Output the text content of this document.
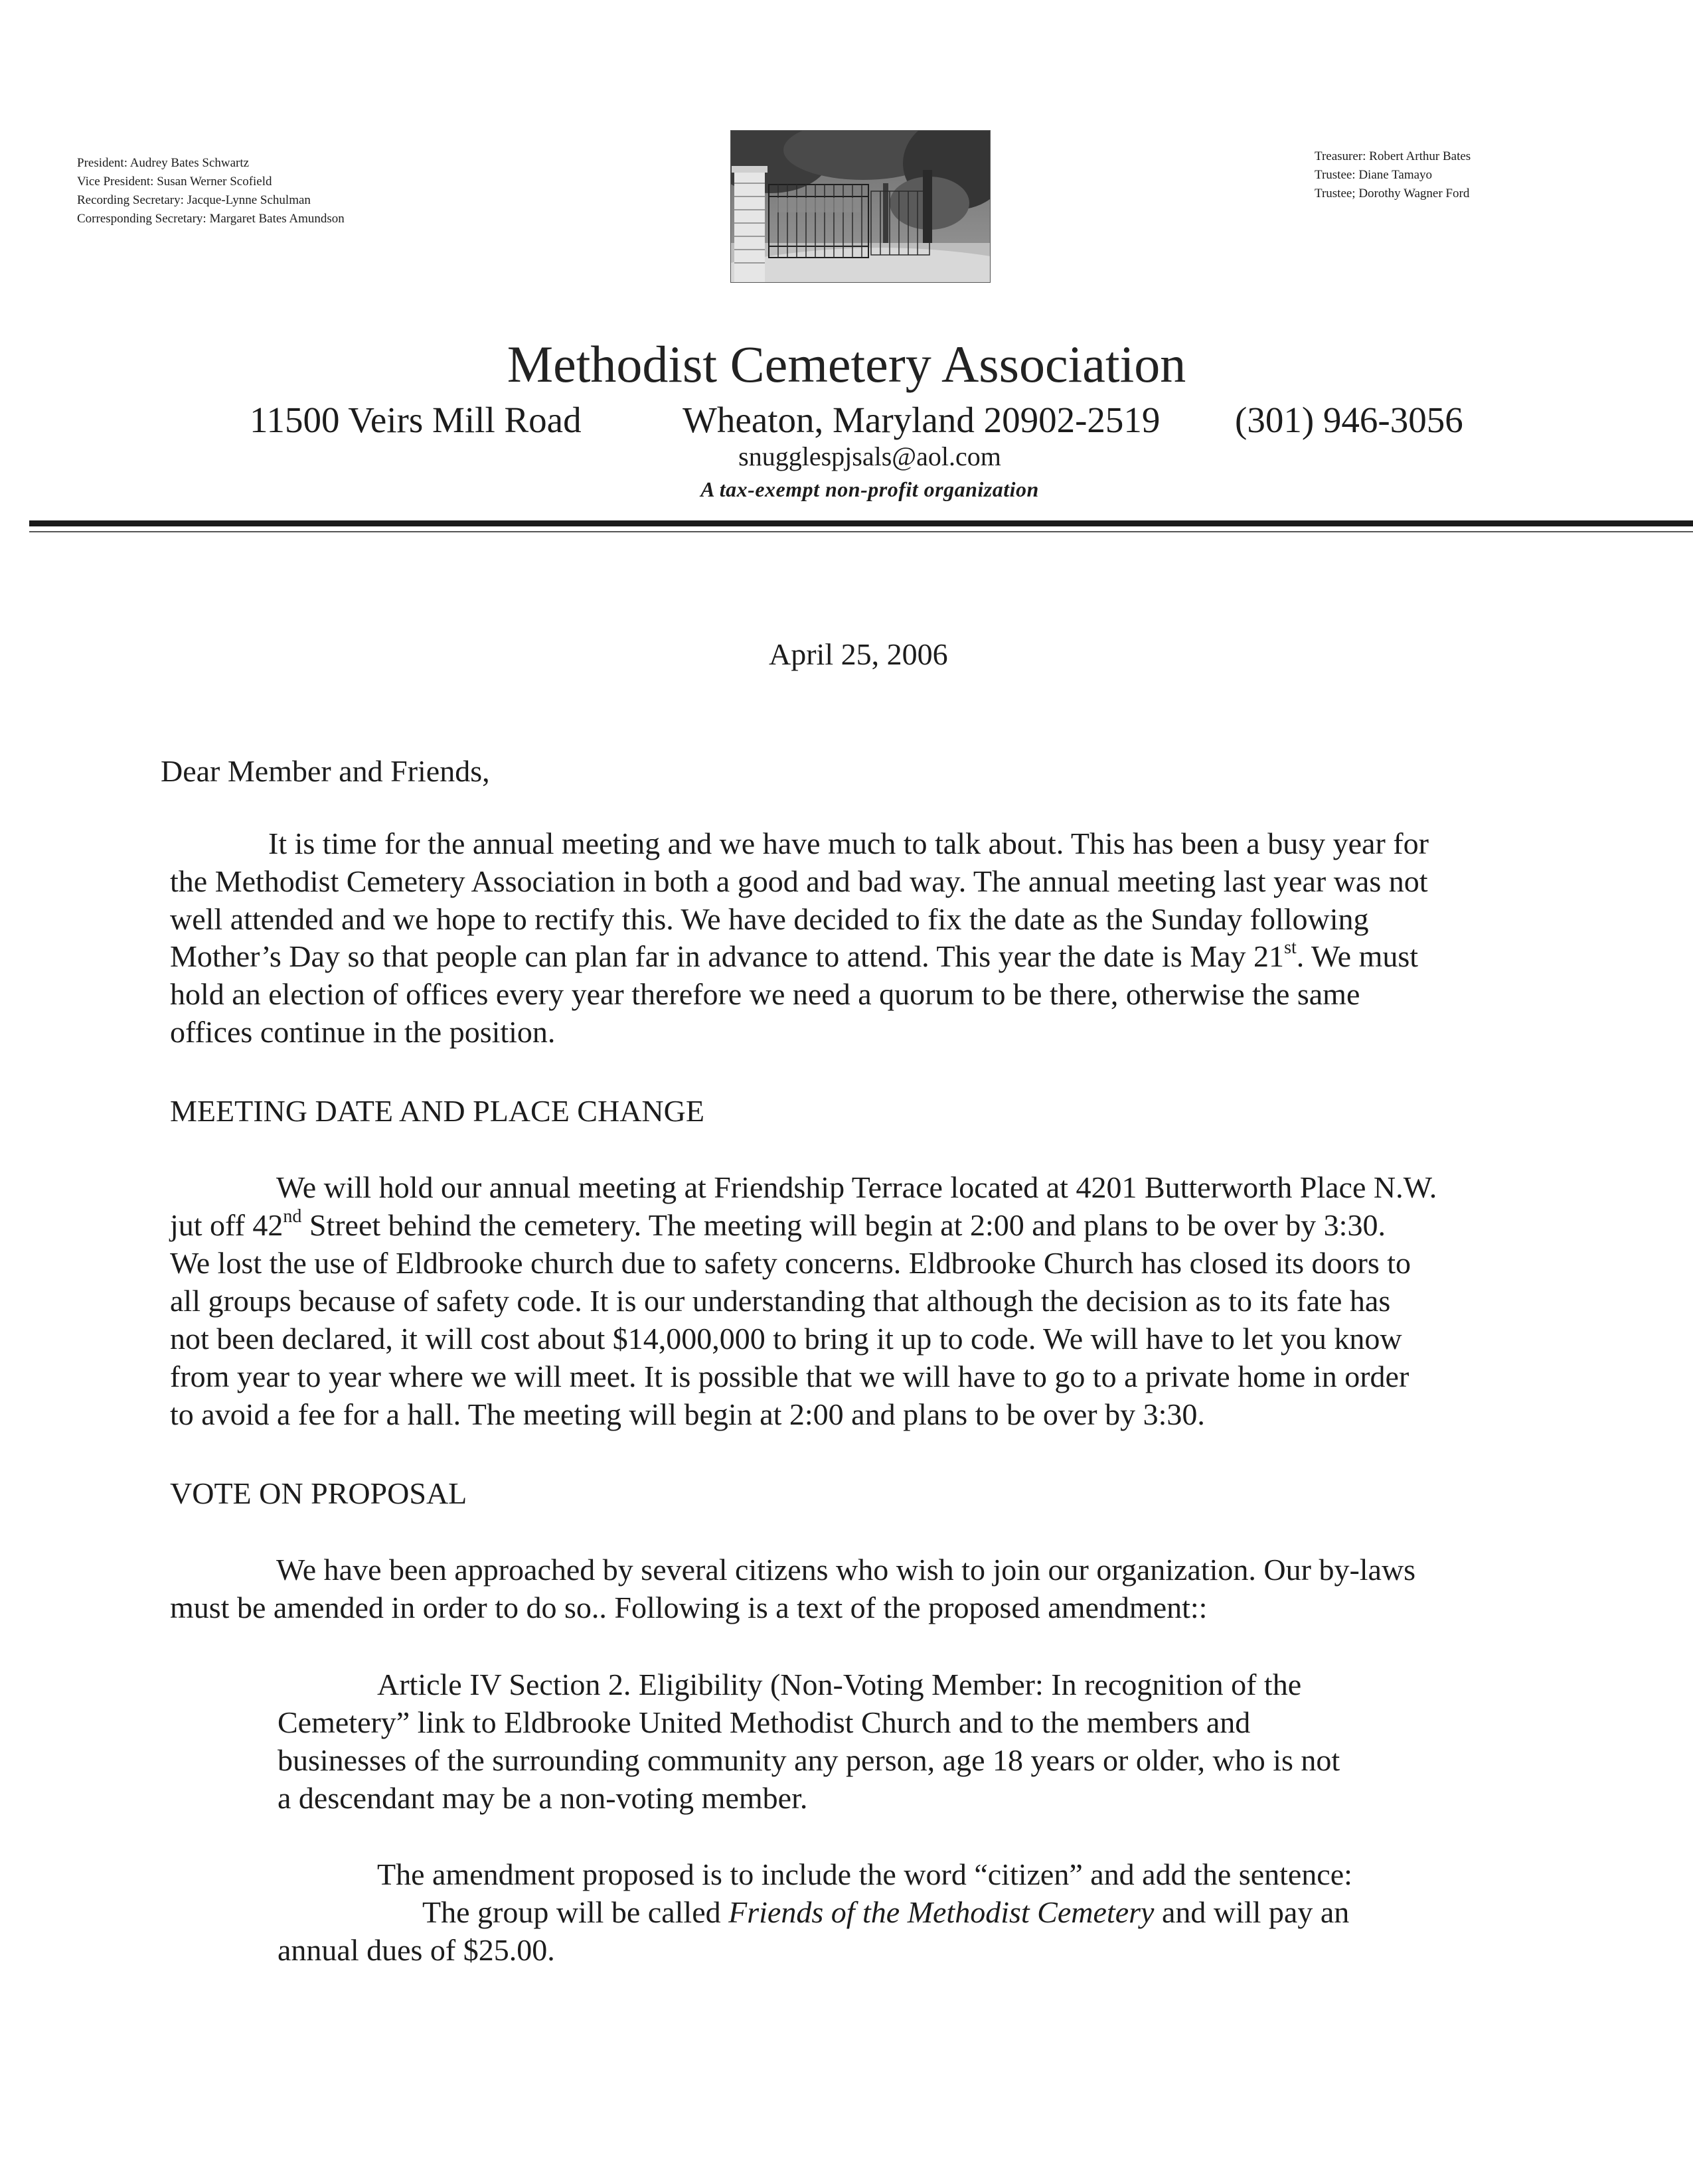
President: Audrey Bates Schwartz
Vice President: Susan Werner Scofield
Recording Secretary: Jacque-Lynne Schulman
Corresponding Secretary: Margaret Bates Amundson
Treasurer: Robert Arthur Bates
Trustee: Diane Tamayo
Trustee; Dorothy Wagner Ford
Methodist Cemetery Association
11500 Veirs Mill Road	Wheaton, Maryland 20902-2519 (301) 946-3056
snugglespjsals@aol.com
A tax-exempt non-profit organization
April 25, 2006
Dear Member and Friends,
It is time for the annual meeting and we have much to talk about. This has been a busy year for
the Methodist Cemetery Association in both a good and bad way. The annual meeting last year was not
well attended and we hope to rectify this. We have decided to fix the date as the Sunday following
Mother’s Day so that people can plan far in advance to attend. This year the date is May 21st. We must
hold an election of offices every year therefore we need a quorum to be there, otherwise the same
offices continue in the position.
MEETING DATE AND PLACE CHANGE
We will hold our annual meeting at Friendship Terrace located at 4201 Butterworth Place N.W.
jut off 42nd Street behind the cemetery. The meeting will begin at 2:00 and plans to be over by 3:30.
We lost the use of Eldbrooke church due to safety concerns. Eldbrooke Church has closed its doors to
all groups because of safety code. It is our understanding that although the decision as to its fate has
not been declared, it will cost about $14,000,000 to bring it up to code. We will have to let you know
from year to year where we will meet. It is possible that we will have to go to a private home in order
to avoid a fee for a hall. The meeting will begin at 2:00 and plans to be over by 3:30.
VOTE ON PROPOSAL
We have been approached by several citizens who wish to join our organization. Our by-laws
must be amended in order to do so.. Following is a text of the proposed amendment::
Article IV Section 2. Eligibility (Non-Voting Member: In recognition of the
Cemetery” link to Eldbrooke United Methodist Church and to the members and
businesses of the surrounding community any person, age 18 years or older, who is not
a descendant may be a non-voting member.
The amendment proposed is to include the word “citizen” and add the sentence:
The group will be called Friends of the Methodist Cemetery and will pay an
annual dues of $25.00.
